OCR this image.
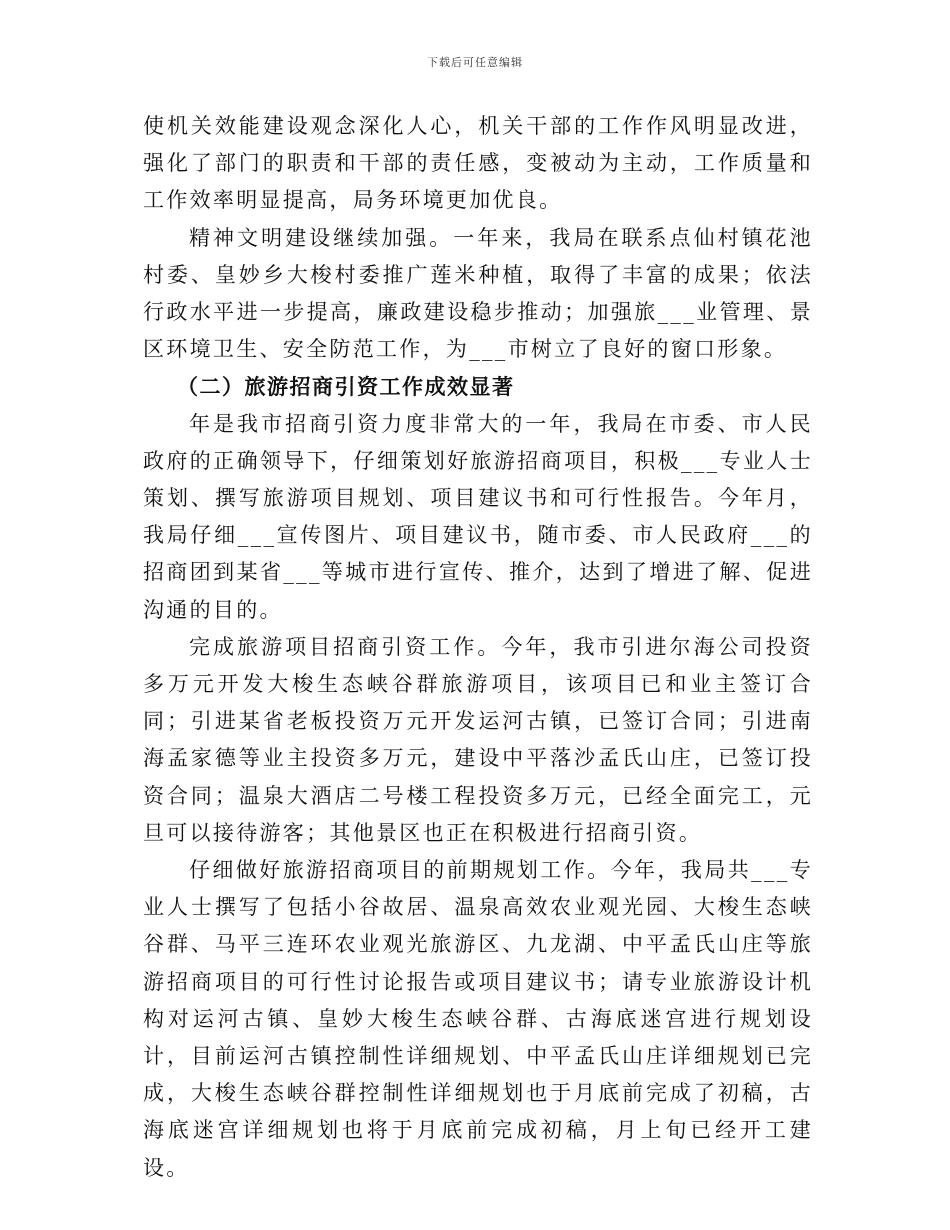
下载后可任意编辑

使机关效能建设观念深化人心，机关干部的工作作风明显改进，强化了部门的职责和干部的责任感，变被动为主动，工作质量和工作效率明显提高，局务环境更加优良。

精神文明建设继续加强。一年来，我局在联系点仙村镇花池村委、皇妙乡大梭村委推广莲米种植，取得了丰富的成果；依法行政水平进一步提高，廉政建设稳步推动；加强旅___业管理、景区环境卫生、安全防范工作，为___市树立了良好的窗口形象。

（二）旅游招商引资工作成效显著

年是我市招商引资力度非常大的一年，我局在市委、市人民政府的正确领导下，仔细策划好旅游招商项目，积极___专业人士策划、撰写旅游项目规划、项目建议书和可行性报告。今年月，我局仔细___宣传图片、项目建议书，随市委、市人民政府___的招商团到某省___等城市进行宣传、推介，达到了增进了解、促进沟通的目的。

完成旅游项目招商引资工作。今年，我市引进尔海公司投资多万元开发大梭生态峡谷群旅游项目，该项目已和业主签订合同；引进某省老板投资万元开发运河古镇，已签订合同；引进南海孟家德等业主投资多万元，建设中平落沙孟氏山庄，已签订投资合同；温泉大酒店二号楼工程投资多万元，已经全面完工，元旦可以接待游客；其他景区也正在积极进行招商引资。

仔细做好旅游招商项目的前期规划工作。今年，我局共___专业人士撰写了包括小谷故居、温泉高效农业观光园、大梭生态峡谷群、马平三连环农业观光旅游区、九龙湖、中平孟氏山庄等旅游招商项目的可行性讨论报告或项目建议书；请专业旅游设计机构对运河古镇、皇妙大梭生态峡谷群、古海底迷宫进行规划设计，目前运河古镇控制性详细规划、中平孟氏山庄详细规划已完成，大梭生态峡谷群控制性详细规划也于月底前完成了初稿，古海底迷宫详细规划也将于月底前完成初稿，月上旬已经开工建设。
